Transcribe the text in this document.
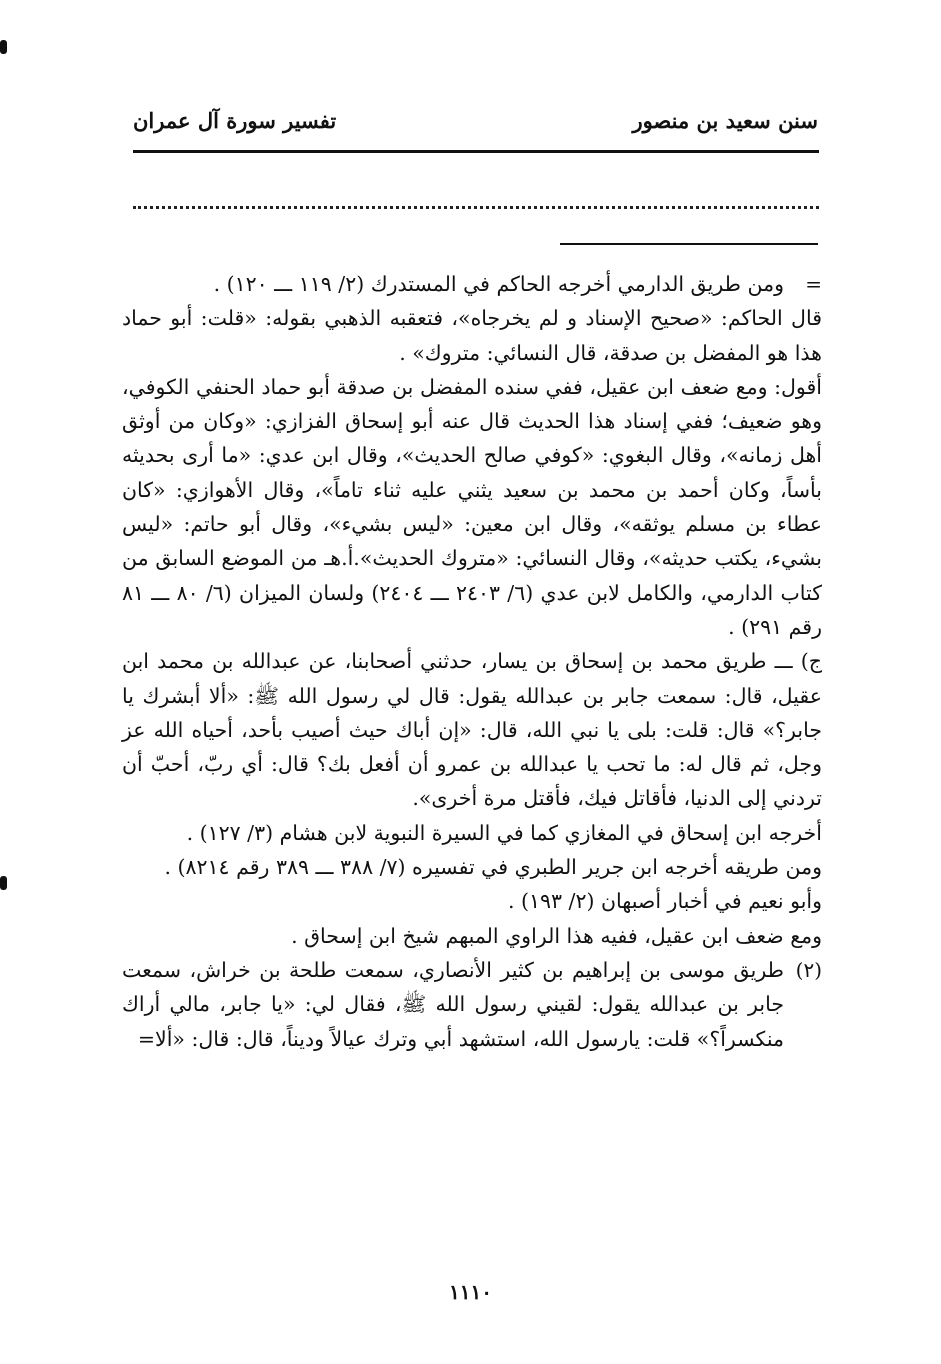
سنن سعيد بن منصور
تفسير سورة آل عمران

=
ومن طريق الدارمي أخرجه الحاكم في المستدرك (٢/ ١١٩ ـــ ١٢٠) .

قال الحاكم: «صحيح الإسناد و لم يخرجاه»، فتعقبه الذهبي بقوله: «قلت: أبو حماد هذا هو المفضل بن صدقة، قال النسائي: متروك» .

أقول: ومع ضعف ابن عقيل، ففي سنده المفضل بن صدقة أبو حماد الحنفي الكوفي، وهو ضعيف؛ ففي إسناد هذا الحديث قال عنه أبو إسحاق الفزازي: «وكان من أوثق أهل زمانه»، وقال البغوي: «كوفي صالح الحديث»، وقال ابن عدي: «ما أرى بحديثه بأساً، وكان أحمد بن محمد بن سعيد يثني عليه ثناء تاماً»، وقال الأهوازي: «كان عطاء بن مسلم يوثقه»، وقال ابن معين: «ليس بشيء»، وقال أبو حاتم: «ليس بشيء، يكتب حديثه»، وقال النسائي: «متروك الحديث».أ.هـ من الموضع السابق من كتاب الدارمي، والكامل لابن عدي (٦/ ٢٤٠٣ ـــ ٢٤٠٤) ولسان الميزان (٦/ ٨٠ ـــ ٨١ رقم ٢٩١) .

ج) ـــ طريق محمد بن إسحاق بن يسار، حدثني أصحابنا، عن عبدالله بن محمد ابن عقيل، قال: سمعت جابر بن عبدالله يقول: قال لي رسول الله ﷺ: «ألا أبشرك يا جابر؟» قال: قلت: بلى يا نبي الله، قال: «إن أباك حيث أصيب بأحد، أحياه الله عز وجل، ثم قال له: ما تحب يا عبدالله بن عمرو أن أفعل بك؟ قال: أي ربّ، أحبّ أن تردني إلى الدنيا، فأقاتل فيك، فأقتل مرة أخرى».

أخرجه ابن إسحاق في المغازي كما في السيرة النبوية لابن هشام (٣/ ١٢٧) .

ومن طريقه أخرجه ابن جرير الطبري في تفسيره (٧/ ٣٨٨ ـــ ٣٨٩ رقم ٨٢١٤) .

وأبو نعيم في أخبار أصبهان (٢/ ١٩٣) .

ومع ضعف ابن عقيل، ففيه هذا الراوي المبهم شيخ ابن إسحاق .

(٢)
طريق موسى بن إبراهيم بن كثير الأنصاري، سمعت طلحة بن خراش، سمعت جابر بن عبدالله يقول: لقيني رسول الله ﷺ، فقال لي: «يا جابر، مالي أراك منكسراً؟» قلت: يارسول الله، استشهد أبي وترك عيالاً وديناً، قال: قال: «ألا=

١١١٠
